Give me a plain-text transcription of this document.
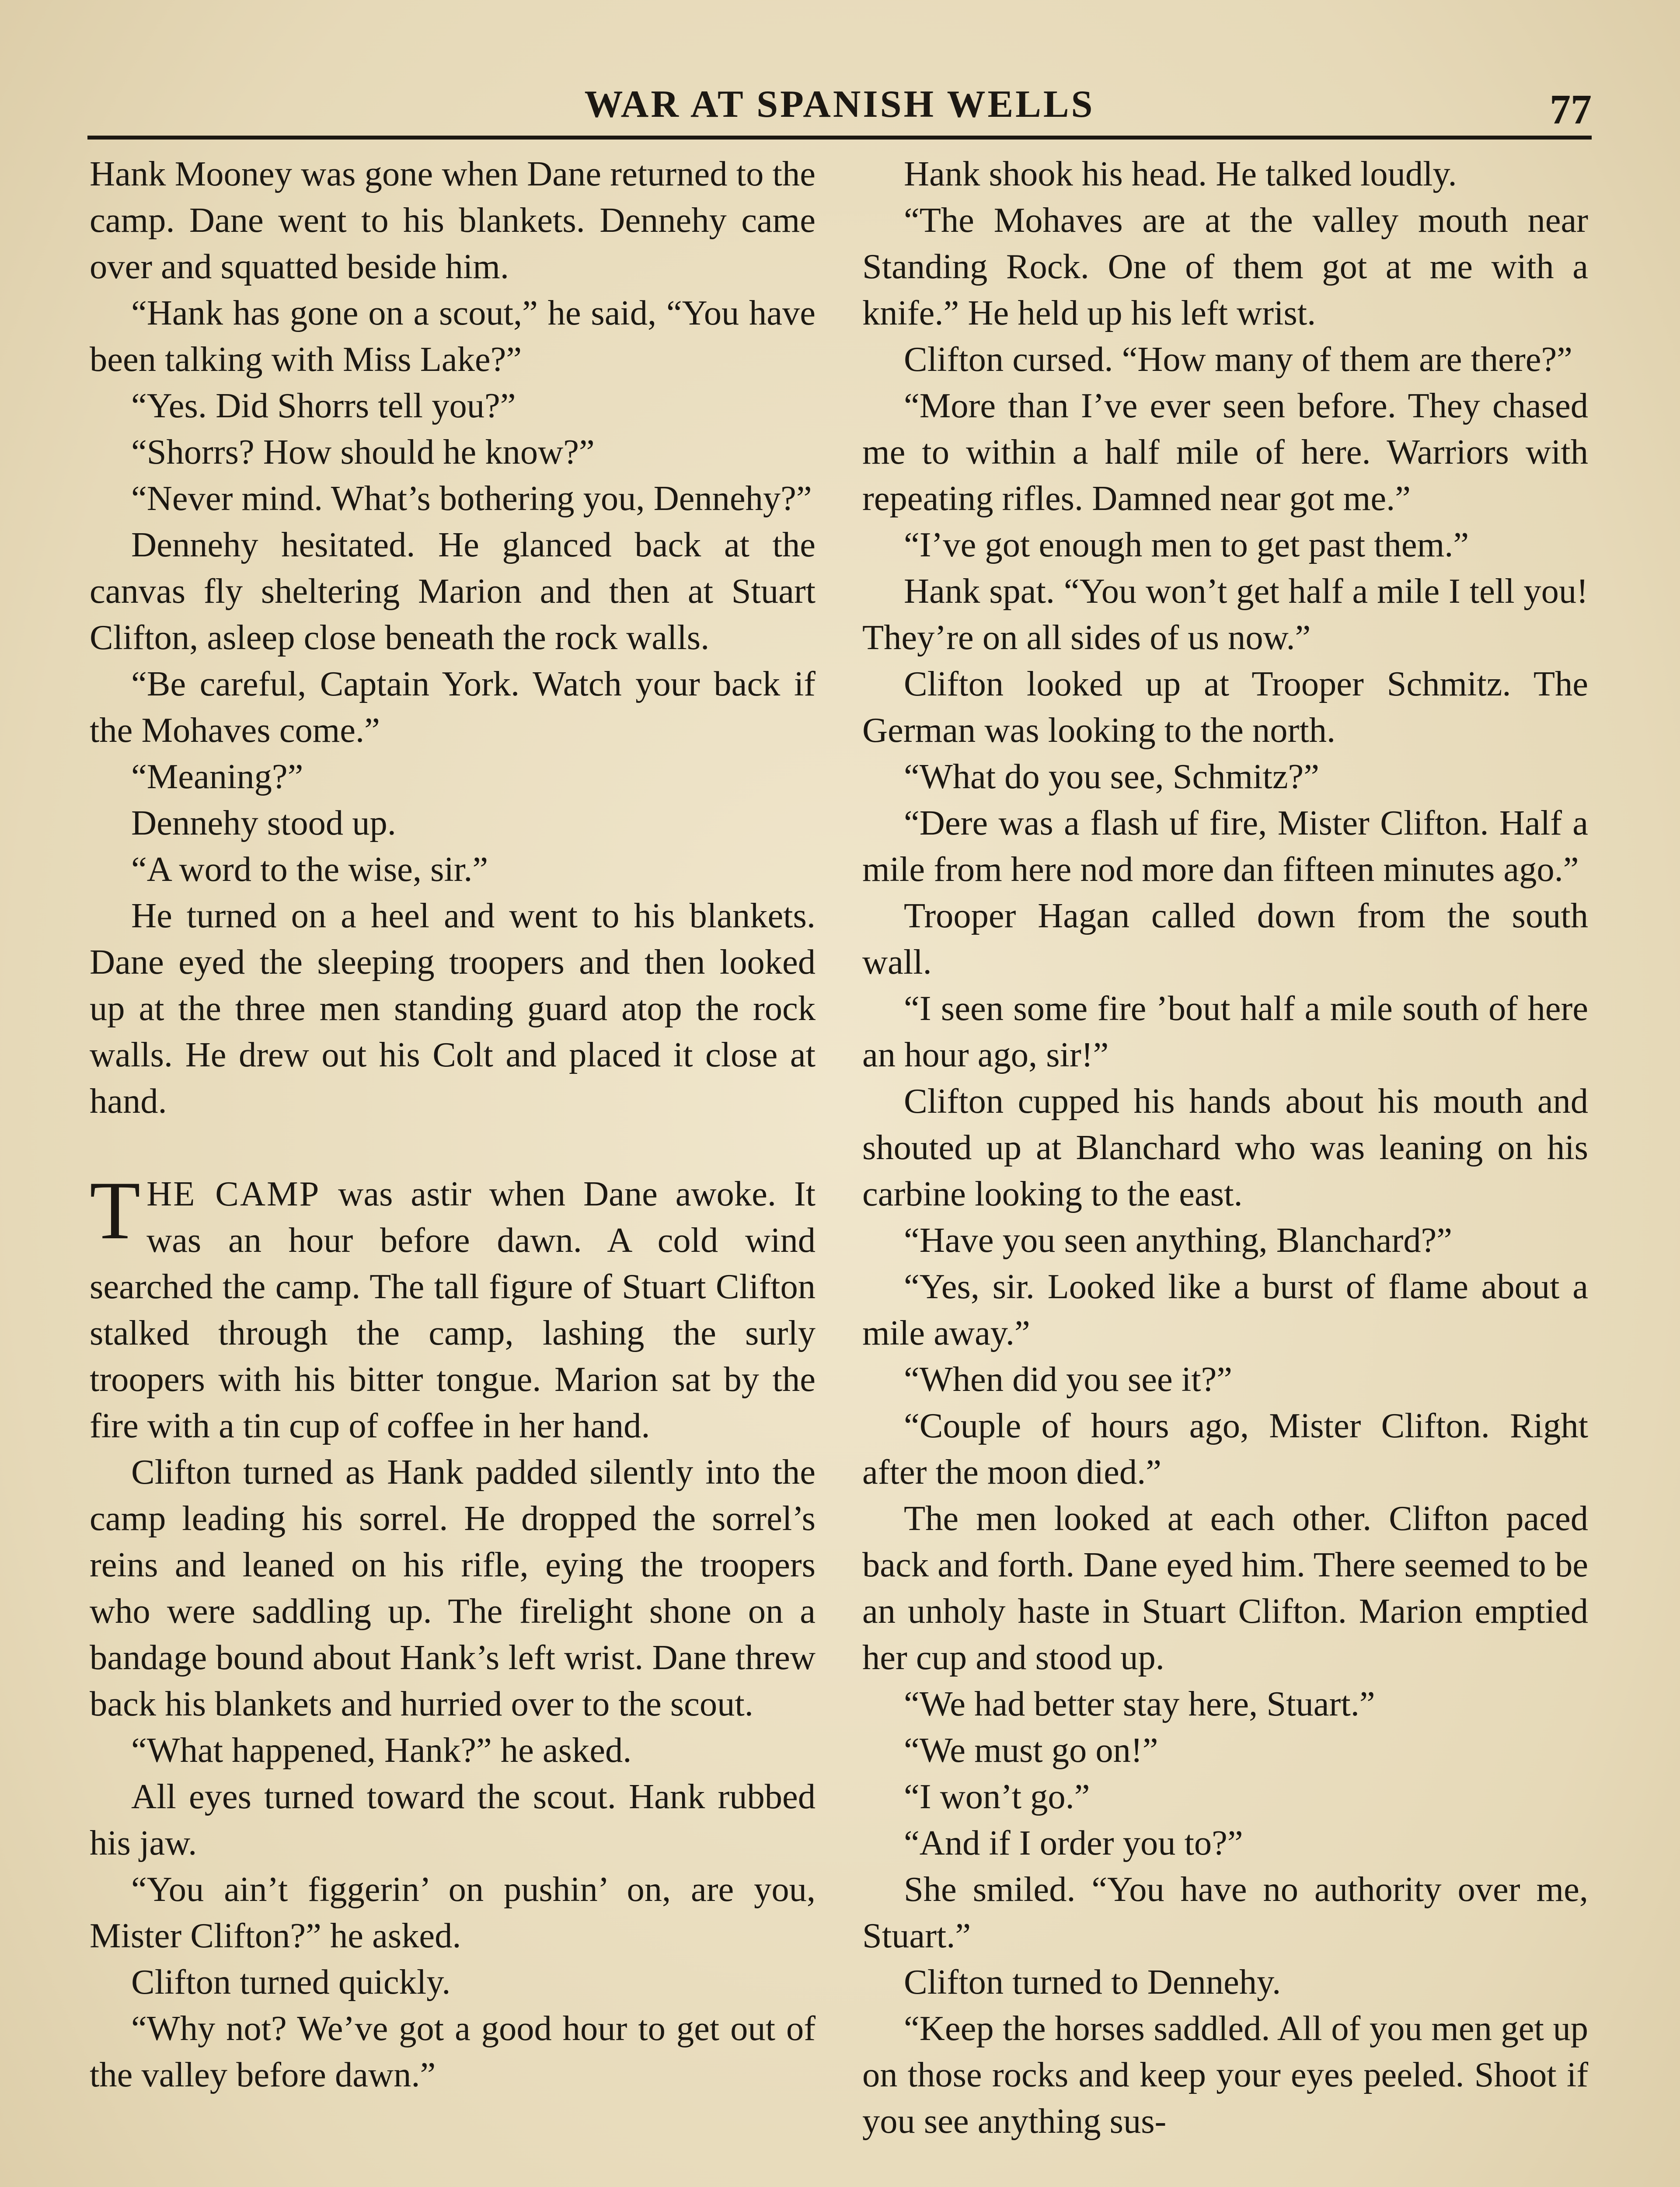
WAR AT SPANISH WELLS	77

Hank Mooney was gone when Dane returned to the camp. Dane went to his blankets. Dennehy came over and squatted beside him.

“Hank has gone on a scout,” he said, “You have been talking with Miss Lake?”

“Yes. Did Shorrs tell you?”

“Shorrs? How should he know?”

“Never mind. What’s bothering you, Dennehy?”

Dennehy hesitated. He glanced back at the canvas fly sheltering Marion and then at Stuart Clifton, asleep close beneath the rock walls.

“Be careful, Captain York. Watch your back if the Mohaves come.”

“Meaning?”

Dennehy stood up.

“A word to the wise, sir.”

He turned on a heel and went to his blankets. Dane eyed the sleeping troopers and then looked up at the three men standing guard atop the rock walls. He drew out his Colt and placed it close at hand.

THE CAMP was astir when Dane awoke. It was an hour before dawn. A cold wind searched the camp. The tall figure of Stuart Clifton stalked through the camp, lashing the surly troopers with his bitter tongue. Marion sat by the fire with a tin cup of coffee in her hand.

Clifton turned as Hank padded silently into the camp leading his sorrel. He dropped the sorrel’s reins and leaned on his rifle, eying the troopers who were saddling up. The firelight shone on a bandage bound about Hank’s left wrist. Dane threw back his blankets and hurried over to the scout.

“What happened, Hank?” he asked.

All eyes turned toward the scout. Hank rubbed his jaw.

“You ain’t figgerin’ on pushin’ on, are you, Mister Clifton?” he asked.

Clifton turned quickly.

“Why not? We’ve got a good hour to get out of the valley before dawn.”

Hank shook his head. He talked loudly.

“The Mohaves are at the valley mouth near Standing Rock. One of them got at me with a knife.” He held up his left wrist.

Clifton cursed. “How many of them are there?”

“More than I’ve ever seen before. They chased me to within a half mile of here. Warriors with repeating rifles. Damned near got me.”

“I’ve got enough men to get past them.”

Hank spat. “You won’t get half a mile I tell you! They’re on all sides of us now.”

Clifton looked up at Trooper Schmitz. The German was looking to the north.

“What do you see, Schmitz?”

“Dere was a flash uf fire, Mister Clifton. Half a mile from here nod more dan fifteen minutes ago.”

Trooper Hagan called down from the south wall.

“I seen some fire ’bout half a mile south of here an hour ago, sir!”

Clifton cupped his hands about his mouth and shouted up at Blanchard who was leaning on his carbine looking to the east.

“Have you seen anything, Blanchard?”

“Yes, sir. Looked like a burst of flame about a mile away.”

“When did you see it?”

“Couple of hours ago, Mister Clifton. Right after the moon died.”

The men looked at each other. Clifton paced back and forth. Dane eyed him. There seemed to be an unholy haste in Stuart Clifton. Marion emptied her cup and stood up.

“We had better stay here, Stuart.”

“We must go on!”

“I won’t go.”

“And if I order you to?”

She smiled. “You have no authority over me, Stuart.”

Clifton turned to Dennehy.

“Keep the horses saddled. All of you men get up on those rocks and keep your eyes peeled. Shoot if you see anything sus-
